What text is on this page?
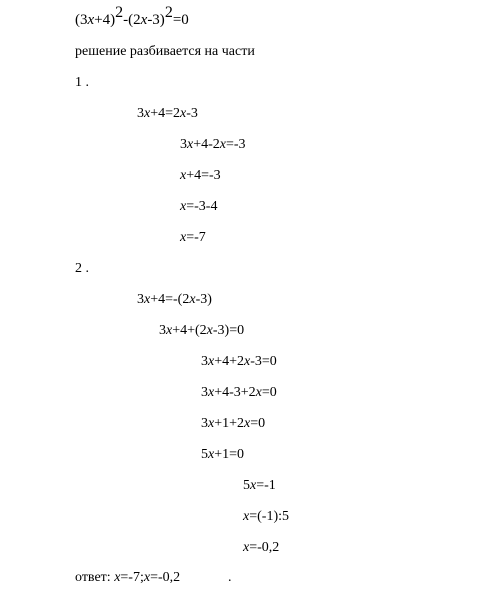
$(3x+4)^2-(2x-3)^2=0$
решение разбивается на части
1 .
3x+4=2x-3
3x+4-2x=-3
x+4=-3
x=-3-4
x=-7
2 .
3x+4=-(2x-3)
3x+4+(2x-3)=0
3x+4+2x-3=0
3x+4-3+2x=0
3x+1+2x=0
5x+1=0
5x=-1
x=(-1):5
x=-0,2
ответ: x=-7;x=-0,2	.
